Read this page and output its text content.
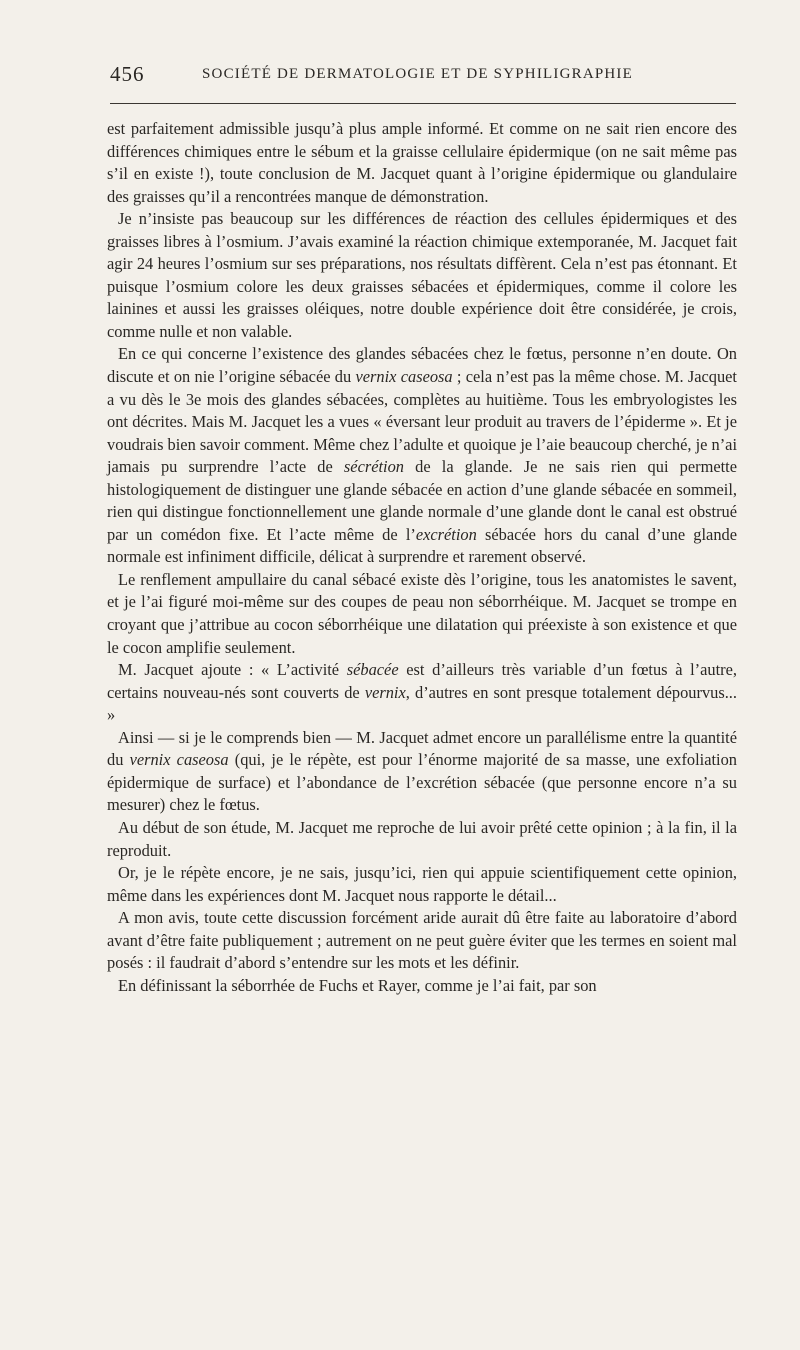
456	SOCIÉTÉ DE DERMATOLOGIE ET DE SYPHILIGRAPHIE

est parfaitement admissible jusqu’à plus ample informé. Et comme on ne sait rien encore des différences chimiques entre le sébum et la graisse cellulaire épidermique (on ne sait même pas s’il en existe !), toute conclusion de M. Jacquet quant à l’origine épidermique ou glandulaire des graisses qu’il a rencontrées manque de démonstration.

Je n’insiste pas beaucoup sur les différences de réaction des cellules épidermiques et des graisses libres à l’osmium. J’avais examiné la réaction chimique extemporanée, M. Jacquet fait agir 24 heures l’osmium sur ses préparations, nos résultats diffèrent. Cela n’est pas étonnant. Et puisque l’osmium colore les deux graisses sébacées et épidermiques, comme il colore les lainines et aussi les graisses oléiques, notre double expérience doit être considérée, je crois, comme nulle et non valable.

En ce qui concerne l’existence des glandes sébacées chez le fœtus, personne n’en doute. On discute et on nie l’origine sébacée du vernix caseosa ; cela n’est pas la même chose. M. Jacquet a vu dès le 3e mois des glandes sébacées, complètes au huitième. Tous les embryologistes les ont décrites. Mais M. Jacquet les a vues « éversant leur produit au travers de l’épiderme ». Et je voudrais bien savoir comment. Même chez l’adulte et quoique je l’aie beaucoup cherché, je n’ai jamais pu surprendre l’acte de sécrétion de la glande. Je ne sais rien qui permette histologiquement de distinguer une glande sébacée en action d’une glande sébacée en sommeil, rien qui distingue fonctionnellement une glande normale d’une glande dont le canal est obstrué par un comédon fixe. Et l’acte même de l’excrétion sébacée hors du canal d’une glande normale est infiniment difficile, délicat à surprendre et rarement observé.

Le renflement ampullaire du canal sébacé existe dès l’origine, tous les anatomistes le savent, et je l’ai figuré moi-même sur des coupes de peau non séborrhéique. M. Jacquet se trompe en croyant que j’attribue au cocon séborrhéique une dilatation qui préexiste à son existence et que le cocon amplifie seulement.

M. Jacquet ajoute : « L’activité sébacée est d’ailleurs très variable d’un fœtus à l’autre, certains nouveau-nés sont couverts de vernix, d’autres en sont presque totalement dépourvus... »

Ainsi — si je le comprends bien — M. Jacquet admet encore un parallélisme entre la quantité du vernix caseosa (qui, je le répète, est pour l’énorme majorité de sa masse, une exfoliation épidermique de surface) et l’abondance de l’excrétion sébacée (que personne encore n’a su mesurer) chez le fœtus.

Au début de son étude, M. Jacquet me reproche de lui avoir prêté cette opinion ; à la fin, il la reproduit.

Or, je le répète encore, je ne sais, jusqu’ici, rien qui appuie scientifiquement cette opinion, même dans les expériences dont M. Jacquet nous rapporte le détail...

A mon avis, toute cette discussion forcément aride aurait dû être faite au laboratoire d’abord avant d’être faite publiquement ; autrement on ne peut guère éviter que les termes en soient mal posés : il faudrait d’abord s’entendre sur les mots et les définir.

En définissant la séborrhée de Fuchs et Rayer, comme je l’ai fait, par son
